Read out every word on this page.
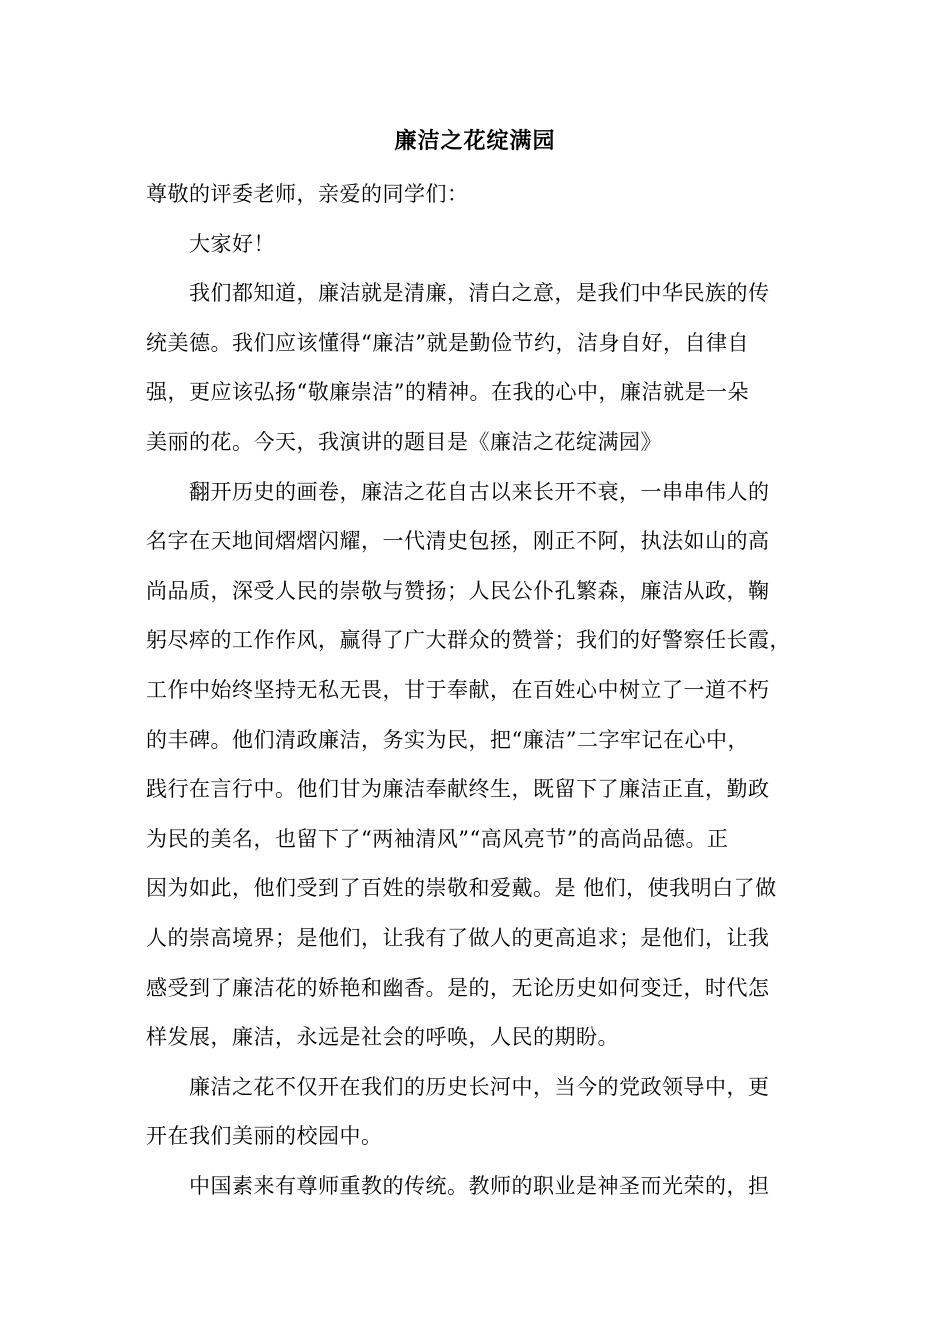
廉洁之花绽满园
尊敬的评委老师，亲爱的同学们：
大家好！
我们都知道，廉洁就是清廉，清白之意，是我们中华民族的传
统美德。我们应该懂得“廉洁”就是勤俭节约，洁身自好，自律自
强，更应该弘扬“敬廉崇洁”的精神。在我的心中，廉洁就是一朵
美丽的花。今天，我演讲的题目是《廉洁之花绽满园》
翻开历史的画卷，廉洁之花自古以来长开不衰，一串串伟人的
名字在天地间熠熠闪耀，一代清史包拯，刚正不阿，执法如山的高
尚品质，深受人民的崇敬与赞扬；人民公仆孔繁森，廉洁从政，鞠
躬尽瘁的工作作风，赢得了广大群众的赞誉；我们的好警察任长霞，
工作中始终坚持无私无畏，甘于奉献，在百姓心中树立了一道不朽
的丰碑。他们清政廉洁，务实为民，把“廉洁”二字牢记在心中，
践行在言行中。他们甘为廉洁奉献终生，既留下了廉洁正直，勤政
为民的美名，也留下了“两袖清风”“高风亮节”的高尚品德。正
因为如此，他们受到了百姓的崇敬和爱戴。是 他们，使我明白了做
人的崇高境界；是他们，让我有了做人的更高追求；是他们，让我
感受到了廉洁花的娇艳和幽香。是的，无论历史如何变迁，时代怎
样发展，廉洁，永远是社会的呼唤，人民的期盼。
廉洁之花不仅开在我们的历史长河中，当今的党政领导中，更
开在我们美丽的校园中。
中国素来有尊师重教的传统。教师的职业是神圣而光荣的，担
